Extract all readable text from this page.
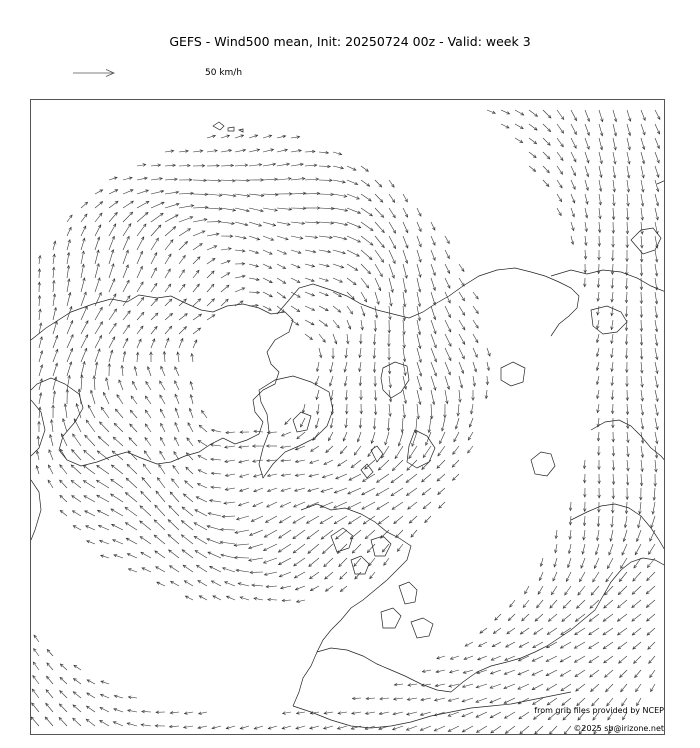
GEFS - Wind500 mean, Init: 20250724 00z - Valid: week 3
50 km/h
from grib files provided by NCEP
©2025 sb@irizone.net
